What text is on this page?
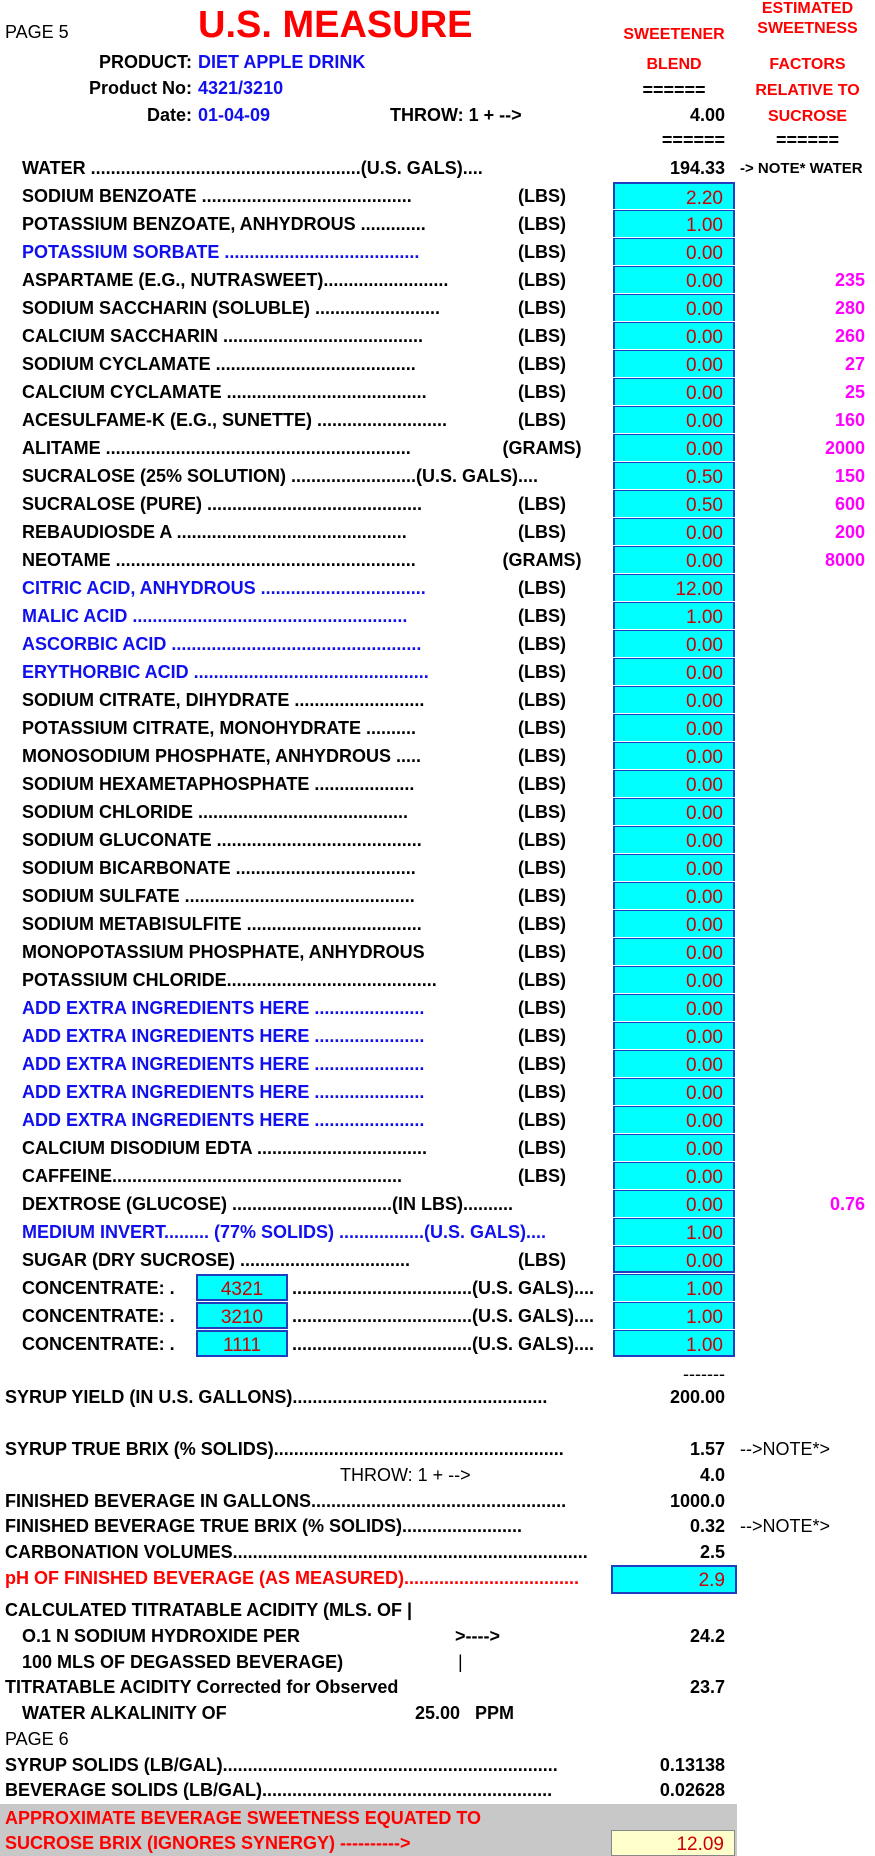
PAGE 5	U.S. MEASURE
PRODUCT: DIET APPLE DRINK
Product No: 4321/3210
Date: 01-04-09	THROW: 1 + -->	4.00
======
SWEETENER
BLEND
======
ESTIMATED
SWEETNESS
FACTORS
RELATIVE TO
SUCROSE
======
WATER ......................................................(U.S. GALS)....	194.33 -> NOTE* WATER
SODIUM BENZOATE ..........................................	(LBS)	2.20
POTASSIUM BENZOATE, ANHYDROUS .............	(LBS)	1.00
POTASSIUM SORBATE .......................................	(LBS)	0.00
ASPARTAME (E.G., NUTRASWEET).........................	(LBS)	0.00	235
SODIUM SACCHARIN (SOLUBLE) .........................	(LBS)	0.00	280
CALCIUM SACCHARIN ........................................	(LBS)	0.00	260
SODIUM CYCLAMATE ........................................	(LBS)	0.00	27
CALCIUM CYCLAMATE ........................................	(LBS)	0.00	25
ACESULFAME-K (E.G., SUNETTE) ..........................	(LBS)	0.00	160
ALITAME .............................................................	(GRAMS)	0.00	2000
SUCRALOSE (25% SOLUTION) .........................(U.S. GALS)....	0.50	150
SUCRALOSE (PURE) ...........................................	(LBS)	0.50	600
REBAUDIOSDE A ..............................................	(LBS)	0.00	200
NEOTAME ............................................................	(GRAMS)	0.00	8000
CITRIC ACID, ANHYDROUS .................................	(LBS)	12.00
MALIC ACID .......................................................	(LBS)	1.00
ASCORBIC ACID ..................................................	(LBS)	0.00
ERYTHORBIC ACID ...............................................	(LBS)	0.00
SODIUM CITRATE, DIHYDRATE ..........................	(LBS)	0.00
POTASSIUM CITRATE, MONOHYDRATE ..........	(LBS)	0.00
MONOSODIUM PHOSPHATE, ANHYDROUS .....	(LBS)	0.00
SODIUM HEXAMETAPHOSPHATE ....................	(LBS)	0.00
SODIUM CHLORIDE ..........................................	(LBS)	0.00
SODIUM GLUCONATE .........................................	(LBS)	0.00
SODIUM BICARBONATE ....................................	(LBS)	0.00
SODIUM SULFATE ..............................................	(LBS)	0.00
SODIUM METABISULFITE ...................................	(LBS)	0.00
MONOPOTASSIUM PHOSPHATE, ANHYDROUS	(LBS)	0.00
POTASSIUM CHLORIDE..........................................	(LBS)	0.00
ADD EXTRA INGREDIENTS HERE ......................	(LBS)	0.00
ADD EXTRA INGREDIENTS HERE ......................	(LBS)	0.00
ADD EXTRA INGREDIENTS HERE ......................	(LBS)	0.00
ADD EXTRA INGREDIENTS HERE ......................	(LBS)	0.00
ADD EXTRA INGREDIENTS HERE ......................	(LBS)	0.00
CALCIUM DISODIUM EDTA ..................................	(LBS)	0.00
CAFFEINE..........................................................	(LBS)	0.00
DEXTROSE (GLUCOSE) ................................(IN LBS)..........	0.00	0.76
MEDIUM INVERT......... (77% SOLIDS) .................(U.S. GALS)....	1.00
SUGAR (DRY SUCROSE) ..................................	(LBS)	0.00
CONCENTRATE: .	4321	....................................(U.S. GALS)....	1.00
CONCENTRATE: .	3210	....................................(U.S. GALS)....	1.00
CONCENTRATE: .	1111	....................................(U.S. GALS)....	1.00
-------
SYRUP YIELD (IN U.S. GALLONS)...................................................	200.00
SYRUP TRUE BRIX (% SOLIDS)..........................................................	1.57 -->NOTE*>
THROW: 1 + -->	4.0
FINISHED BEVERAGE IN GALLONS...................................................	1000.0
FINISHED BEVERAGE TRUE BRIX (% SOLIDS)........................	0.32 -->NOTE*>
CARBONATION VOLUMES.......................................................................	2.5
pH OF FINISHED BEVERAGE (AS MEASURED)...................................	2.9
CALCULATED TITRATABLE ACIDITY (MLS. OF |
O.1 N SODIUM HYDROXIDE PER	>---->	24.2
100 MLS OF DEGASSED BEVERAGE)	|
TITRATABLE ACIDITY Corrected for Observed	23.7
WATER ALKALINITY OF	25.00 PPM
PAGE 6
SYRUP SOLIDS (LB/GAL)...................................................................	0.13138
BEVERAGE SOLIDS (LB/GAL)..........................................................	0.02628
APPROXIMATE BEVERAGE SWEETNESS EQUATED TO
SUCROSE BRIX (IGNORES SYNERGY) ---------->	12.09
